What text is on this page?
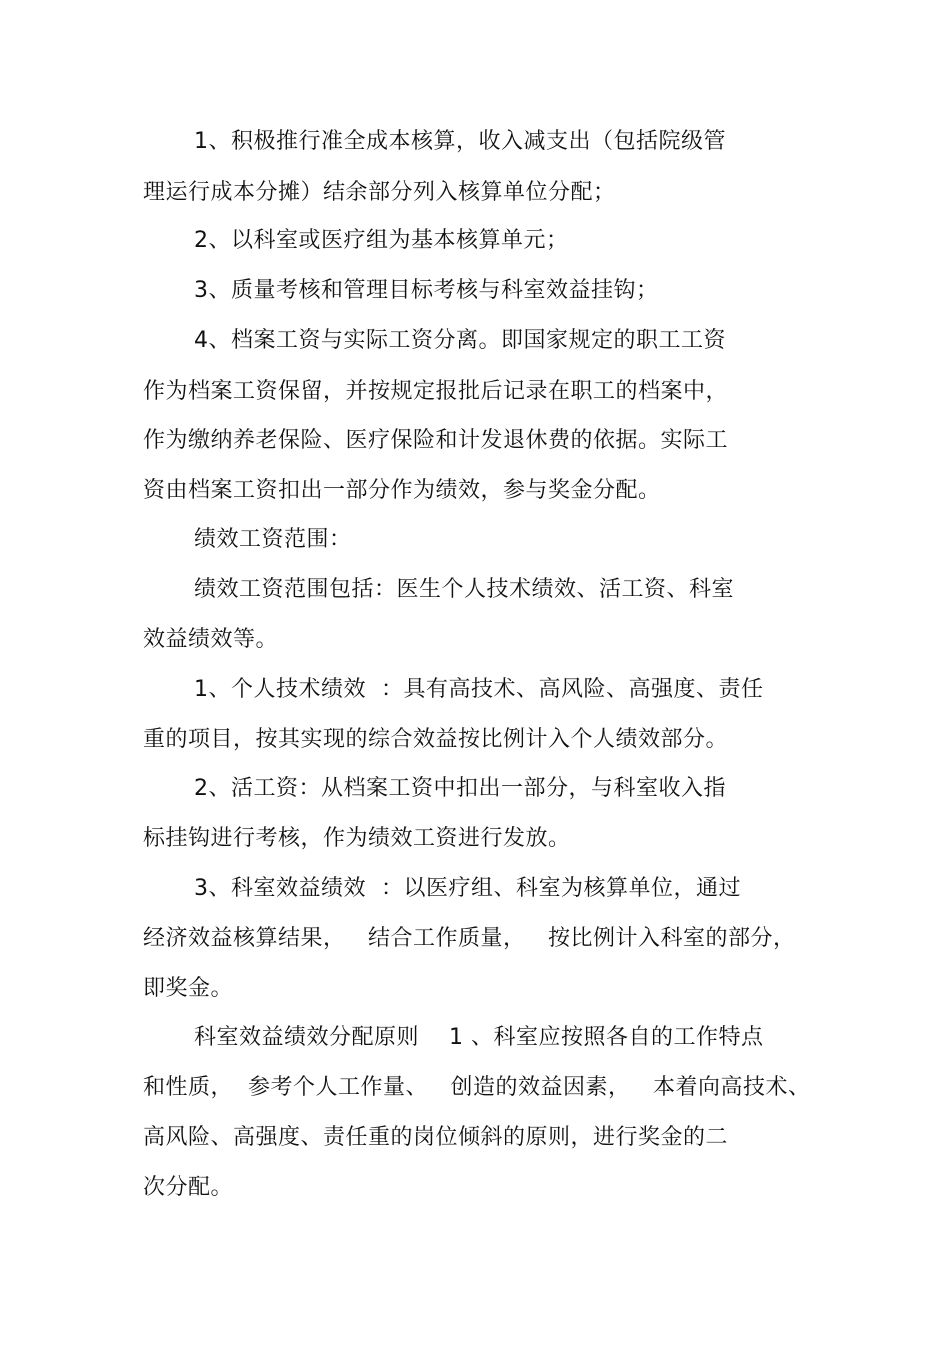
1、积极推行准全成本核算，收入减支出（包括院级管
理运行成本分摊）结余部分列入核算单位分配；
2、以科室或医疗组为基本核算单元；
3、质量考核和管理目标考核与科室效益挂钩；
4、档案工资与实际工资分离。即国家规定的职工工资
作为档案工资保留，并按规定报批后记录在职工的档案中，
作为缴纳养老保险、医疗保险和计发退休费的依据。实际工
资由档案工资扣出一部分作为绩效，参与奖金分配。
绩效工资范围：
绩效工资范围包括：医生个人技术绩效、活工资、科室
效益绩效等。
1、个人技术绩效  ：具有高技术、高风险、高强度、责任
重的项目，按其实现的综合效益按比例计入个人绩效部分。
2、活工资：从档案工资中扣出一部分，与科室收入指
标挂钩进行考核，作为绩效工资进行发放。
3、科室效益绩效  ：以医疗组、科室为核算单位，通过
经济效益核算结果，   结合工作质量，   按比例计入科室的部分，
即奖金。
科室效益绩效分配原则    1 、科室应按照各自的工作特点
和性质，  参考个人工作量、   创造的效益因素，   本着向高技术、
高风险、高强度、责任重的岗位倾斜的原则，进行奖金的二
次分配。
